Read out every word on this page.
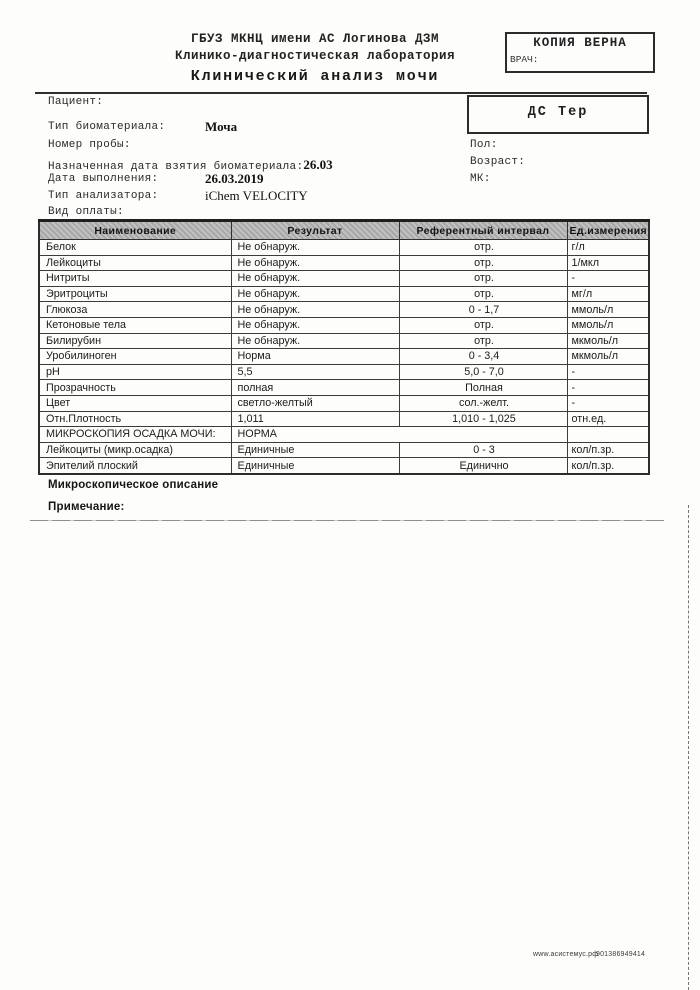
ГБУЗ МКНЦ имени АС Логинова ДЗМ
Клинико-диагностическая лаборатория
Клинический анализ мочи
КОПИЯ ВЕРНА
ВРАЧ:
ДС Тер
Пациент:
Тип биоматериала:	Моча
Номер пробы:
Назначенная дата взятия биоматериала:26.03
Дата выполнения:	26.03.2019
Тип анализатора:	iChem VELOCITY
Вид оплаты:
Пол:
Возраст:
МК:
Наименование	Результат	Референтный интервал	Ед.измерения
Белок	Не обнаруж.	отр.	г/л
Лейкоциты	Не обнаруж.	отр.	1/мкл
Нитриты	Не обнаруж.	отр.	-
Эритроциты	Не обнаруж.	отр.	мг/л
Глюкоза	Не обнаруж.	0 - 1,7	ммоль/л
Кетоновые тела	Не обнаруж.	отр.	ммоль/л
Билирубин	Не обнаруж.	отр.	мкмоль/л
Уробилиноген	Норма	0 - 3,4	мкмоль/л
pH	5,5	5,0 - 7,0	-
Прозрачность	полная	Полная	-
Цвет	светло-желтый	сол.-желт.	-
Отн.Плотность	1,011	1,010 - 1,025	отн.ед.
МИКРОСКОПИЯ ОСАДКА МОЧИ:	НОРМА		
Лейкоциты (микр.осадка)	Единичные	0 - 3	кол/п.зр.
Эпителий плоский	Единичные	Единично	кол/п.зр.
Микроскопическое описание
Примечание:
www.асистемус.рф
901386949414
